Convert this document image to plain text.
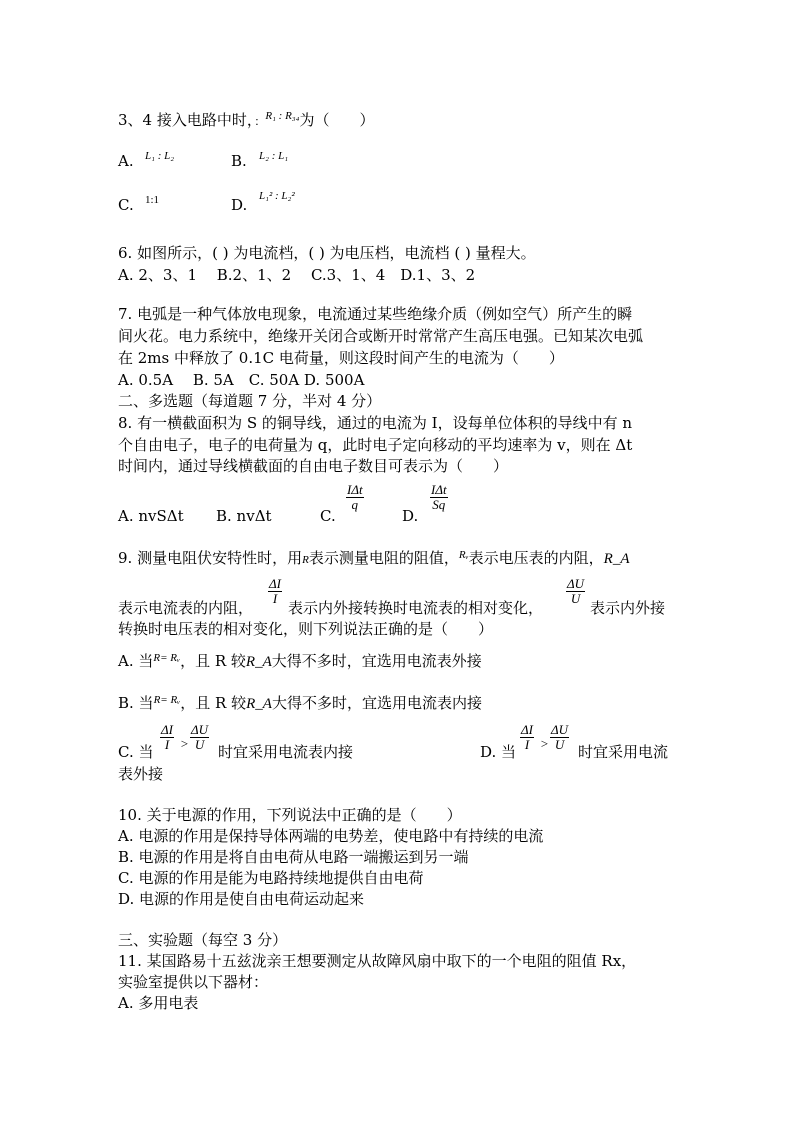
3、4 接入电路中时，：$^{R_1 : R_{34}}$为（　　）
A. L₁ : L₂	B. L₂ : L₁
C. 1:1	D. L₁² : L₂²
6. 如图所示，( ) 为电流档，( ) 为电压档，电流档 ( ) 量程大。
A. 2、3、1　 B.2、1、2　 C.3、1、4　D.1、3、2
7. 电弧是一种气体放电现象，电流通过某些绝缘介质（例如空气）所产生的瞬
间火花。电力系统中，绝缘开关闭合或断开时常常产生高压电强。已知某次电弧
在 2ms 中释放了 0.1C 电荷量，则这段时间产生的电流为（　　）
A. 0.5A　 B. 5A　C. 50A D. 500A
二、多选题（每道题 7 分，半对 4 分）
8. 有一横截面积为 S 的铜导线，通过的电流为 I，设每单位体积的导线中有 n
个自由电子，电子的电荷量为 q，此时电子定向移动的平均速率为 v，则在 Δt
时间内，通过导线横截面的自由电子数目可表示为（　　）
A. nvSΔt B. nvΔt	C.
IΔt
q
D.
IΔt
Sq
9. 测量电阻伏安特性时，用R表示测量电阻的阻值，$^{Rᵥ}$表示电压表的内阻，R_A
$\frac{\Delta I}{I}$	$\frac{\Delta U}{U}$
表示电流表的内阻， 表示内外接转换时电流表的相对变化，	表示内外接
转换时电压表的相对变化，则下列说法正确的是（　　）
A. 当$^{R= Rᵥ}$，且 R 较R_A大得不多时，宜选用电流表外接
B. 当$^{R= Rᵥ}$，且 R 较R_A大得不多时，宜选用电流表内接
C. 当 $\frac{\Delta I}{I} > \frac{\Delta U}{U}$ 时宜采用电流表内接	D. 当 $\frac{\Delta I}{I} > \frac{\Delta U}{U}$ 时宜采用电流
表外接
10. 关于电源的作用，下列说法中正确的是（　　）
A. 电源的作用是保持导体两端的电势差，使电路中有持续的电流
B. 电源的作用是将自由电荷从电路一端搬运到另一端
C. 电源的作用是能为电路持续地提供自由电荷
D. 电源的作用是使自由电荷运动起来
三、实验题（每空 3 分）
11. 某国路易十五兹泷亲王想要测定从故障风扇中取下的一个电阻的阻值 Rx，
实验室提供以下器材：
A. 多用电表
